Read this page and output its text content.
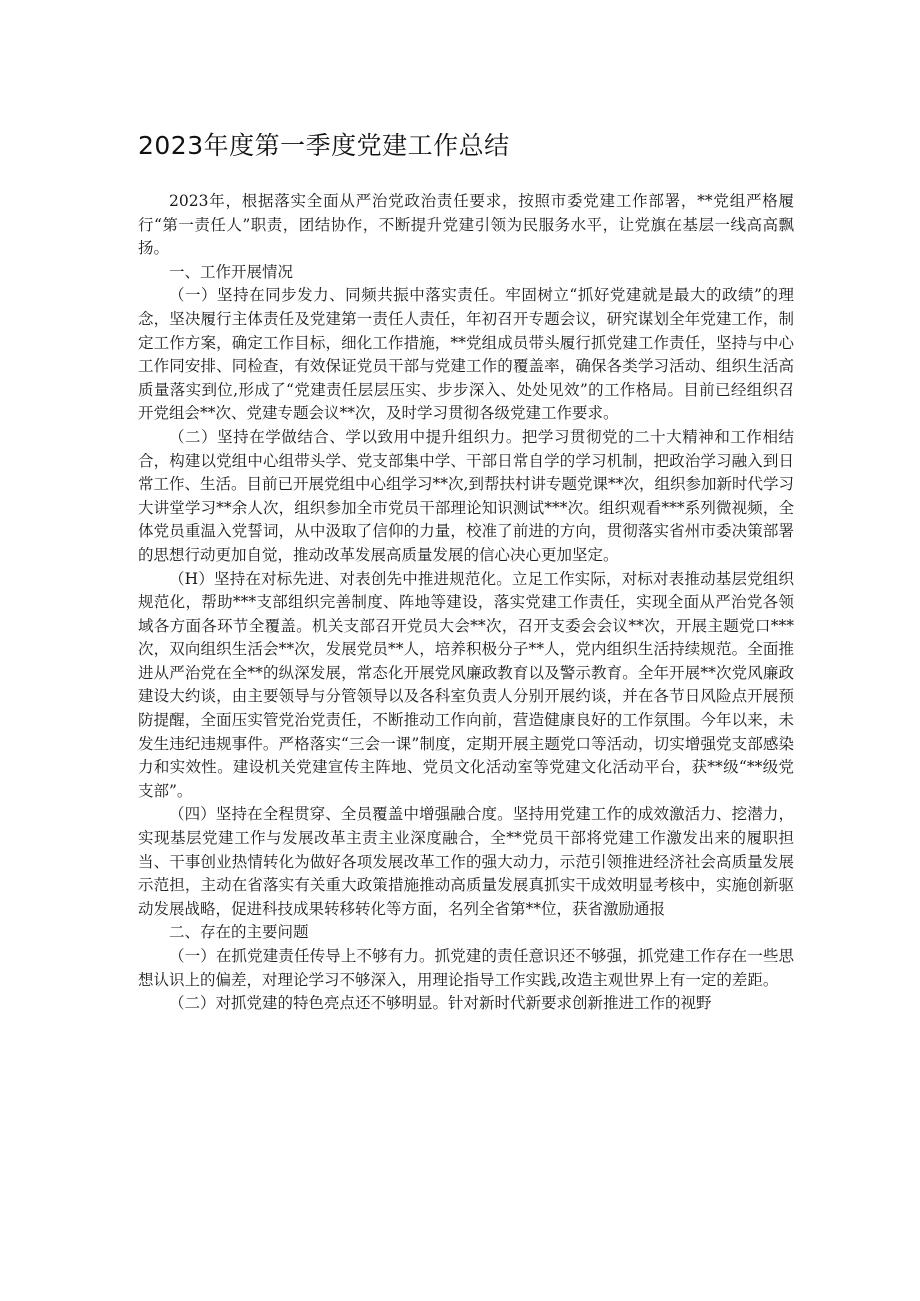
2023年度第一季度党建工作总结

2023年，根据落实全面从严治党政治责任要求，按照市委党建工作部署，**党组严格履行“第一责任人”职责，团结协作，不断提升党建引领为民服务水平，让党旗在基层一线高高飘扬。

一、工作开展情况

（一）坚持在同步发力、同频共振中落实责任。牢固树立“抓好党建就是最大的政绩”的理念，坚决履行主体责任及党建第一责任人责任，年初召开专题会议，研究谋划全年党建工作，制定工作方案，确定工作目标，细化工作措施，**党组成员带头履行抓党建工作责任，坚持与中心工作同安排、同检查，有效保证党员干部与党建工作的覆盖率，确保各类学习活动、组织生活高质量落实到位,形成了“党建责任层层压实、步步深入、处处见效”的工作格局。目前已经组织召开党组会**次、党建专题会议**次，及时学习贯彻各级党建工作要求。

（二）坚持在学做结合、学以致用中提升组织力。把学习贯彻党的二十大精神和工作相结合，构建以党组中心组带头学、党支部集中学、干部日常自学的学习机制，把政治学习融入到日常工作、生活。目前已开展党组中心组学习**次,到帮扶村讲专题党课**次，组织参加新时代学习大讲堂学习**余人次，组织参加全市党员干部理论知识测试***次。组织观看***系列微视频，全体党员重温入党誓词，从中汲取了信仰的力量，校准了前进的方向，贯彻落实省州市委决策部署的思想行动更加自觉，推动改革发展高质量发展的信心决心更加坚定。

（H）坚持在对标先进、对表创先中推进规范化。立足工作实际，对标对表推动基层党组织规范化，帮助***支部组织完善制度、阵地等建设，落实党建工作责任，实现全面从严治党各领域各方面各环节全覆盖。机关支部召开党员大会**次，召开支委会会议**次，开展主题党口***次，双向组织生活会**次，发展党员**人，培养积极分子**人，党内组织生活持续规范。全面推进从严治党在全**的纵深发展，常态化开展党风廉政教育以及警示教育。全年开展**次党风廉政建设大约谈，由主要领导与分管领导以及各科室负责人分别开展约谈，并在各节日风险点开展预防提醒，全面压实管党治党责任，不断推动工作向前，营造健康良好的工作氛围。今年以来，未发生违纪违规事件。严格落实“三会一课”制度，定期开展主题党口等活动，切实增强党支部感染力和实效性。建设机关党建宣传主阵地、党员文化活动室等党建文化活动平台，获**级“**级党支部”。

（四）坚持在全程贯穿、全员覆盖中增强融合度。坚持用党建工作的成效激活力、挖潜力，实现基层党建工作与发展改革主责主业深度融合，全**党员干部将党建工作激发出来的履职担当、干事创业热情转化为做好各项发展改革工作的强大动力，示范引领推进经济社会高质量发展示范担，主动在省落实有关重大政策措施推动高质量发展真抓实干成效明显考核中，实施创新驱动发展战略，促进科技成果转移转化等方面，名列全省第**位，获省激励通报

二、存在的主要问题

（一）在抓党建责任传导上不够有力。抓党建的责任意识还不够强，抓党建工作存在一些思想认识上的偏差，对理论学习不够深入，用理论指导工作实践,改造主观世界上有一定的差距。

（二）对抓党建的特色亮点还不够明显。针对新时代新要求创新推进工作的视野
